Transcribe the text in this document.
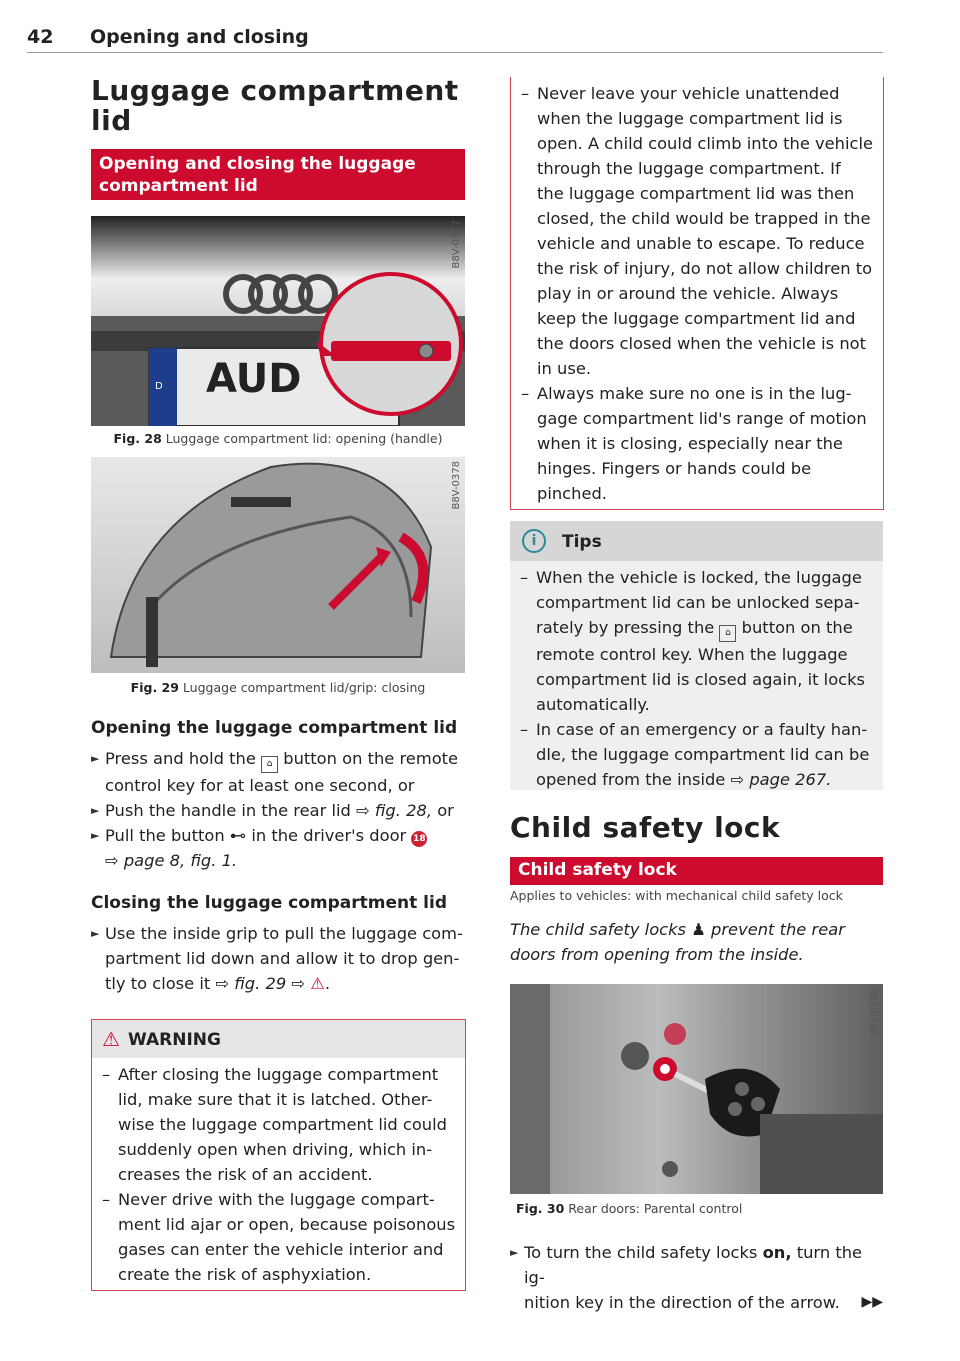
42 Opening and closing
Luggage compartment
lid
Opening and closing the luggage
compartment lid
AUD
D
B8V-0377
Fig. 28 Luggage compartment lid: opening (handle)
B8V-0378
Fig. 29 Luggage compartment lid/grip: closing
Opening the luggage compartment lid
► Press and hold the ⌂ button on the remote
control key for at least one second, or
► Push the handle in the rear lid ⇨ fig. 28, or
► Pull the button ⊷ in the driver's door 18
⇨ page 8, fig. 1.
Closing the luggage compartment lid
► Use the inside grip to pull the luggage com-
partment lid down and allow it to drop gen-
tly to close it ⇨ fig. 29 ⇨ ⚠.
⚠ WARNING
– After closing the luggage compartment
lid, make sure that it is latched. Other-
wise the luggage compartment lid could
suddenly open when driving, which in-
creases the risk of an accident.
– Never drive with the luggage compart-
ment lid ajar or open, because poisonous
gases can enter the vehicle interior and
create the risk of asphyxiation.
– Never leave your vehicle unattended
when the luggage compartment lid is
open. A child could climb into the vehicle
through the luggage compartment. If
the luggage compartment lid was then
closed, the child would be trapped in the
vehicle and unable to escape. To reduce
the risk of injury, do not allow children to
play in or around the vehicle. Always
keep the luggage compartment lid and
the doors closed when the vehicle is not
in use.
– Always make sure no one is in the lug-
gage compartment lid's range of motion
when it is closing, especially near the
hinges. Fingers or hands could be
pinched.
i	Tips
– When the vehicle is locked, the luggage
compartment lid can be unlocked sepa-
rately by pressing the ⌂ button on the
remote control key. When the luggage
compartment lid is closed again, it locks
automatically.
– In case of an emergency or a faulty han-
dle, the luggage compartment lid can be
opened from the inside ⇨ page 267.
Child safety lock
Child safety lock
Applies to vehicles: with mechanical child safety lock
The child safety locks ♟ prevent the rear
doors from opening from the inside.
B8V-0380
Fig. 30 Rear doors: Parental control
► To turn the child safety locks on, turn the ig-
nition key in the direction of the arrow. ▶▶
